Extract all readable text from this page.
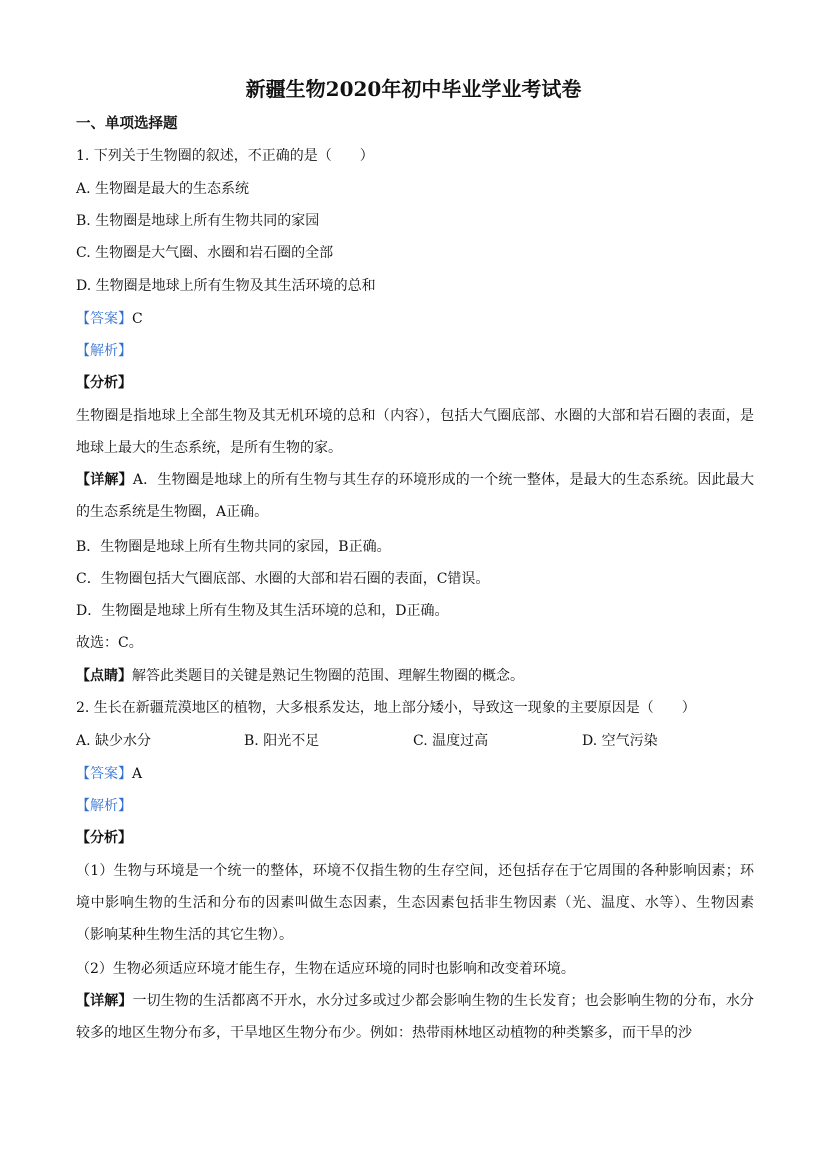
新疆生物2020年初中毕业学业考试卷
一、单项选择题
1. 下列关于生物圈的叙述，不正确的是（　　）
A. 生物圈是最大的生态系统
B. 生物圈是地球上所有生物共同的家园
C. 生物圈是大气圈、水圈和岩石圈的全部
D. 生物圈是地球上所有生物及其生活环境的总和
【答案】C
【解析】
【分析】
生物圈是指地球上全部生物及其无机环境的总和（内容），包括大气圈底部、水圈的大部和岩石圈的表面，是地球上最大的生态系统，是所有生物的家。
【详解】A．生物圈是地球上的所有生物与其生存的环境形成的一个统一整体，是最大的生态系统。因此最大的生态系统是生物圈，A正确。
B．生物圈是地球上所有生物共同的家园，B正确。
C．生物圈包括大气圈底部、水圈的大部和岩石圈的表面，C错误。
D．生物圈是地球上所有生物及其生活环境的总和，D正确。
故选：C。
【点睛】解答此类题目的关键是熟记生物圈的范围、理解生物圈的概念。
2. 生长在新疆荒漠地区的植物，大多根系发达，地上部分矮小，导致这一现象的主要原因是（　　）
A. 缺少水分	B. 阳光不足	C. 温度过高	D. 空气污染
【答案】A
【解析】
【分析】
（1）生物与环境是一个统一的整体，环境不仅指生物的生存空间，还包括存在于它周围的各种影响因素；环境中影响生物的生活和分布的因素叫做生态因素，生态因素包括非生物因素（光、温度、水等）、生物因素（影响某种生物生活的其它生物）。
（2）生物必须适应环境才能生存，生物在适应环境的同时也影响和改变着环境。
【详解】一切生物的生活都离不开水，水分过多或过少都会影响生物的生长发育；也会影响生物的分布，水分较多的地区生物分布多，干旱地区生物分布少。例如：热带雨林地区动植物的种类繁多，而干旱的沙
